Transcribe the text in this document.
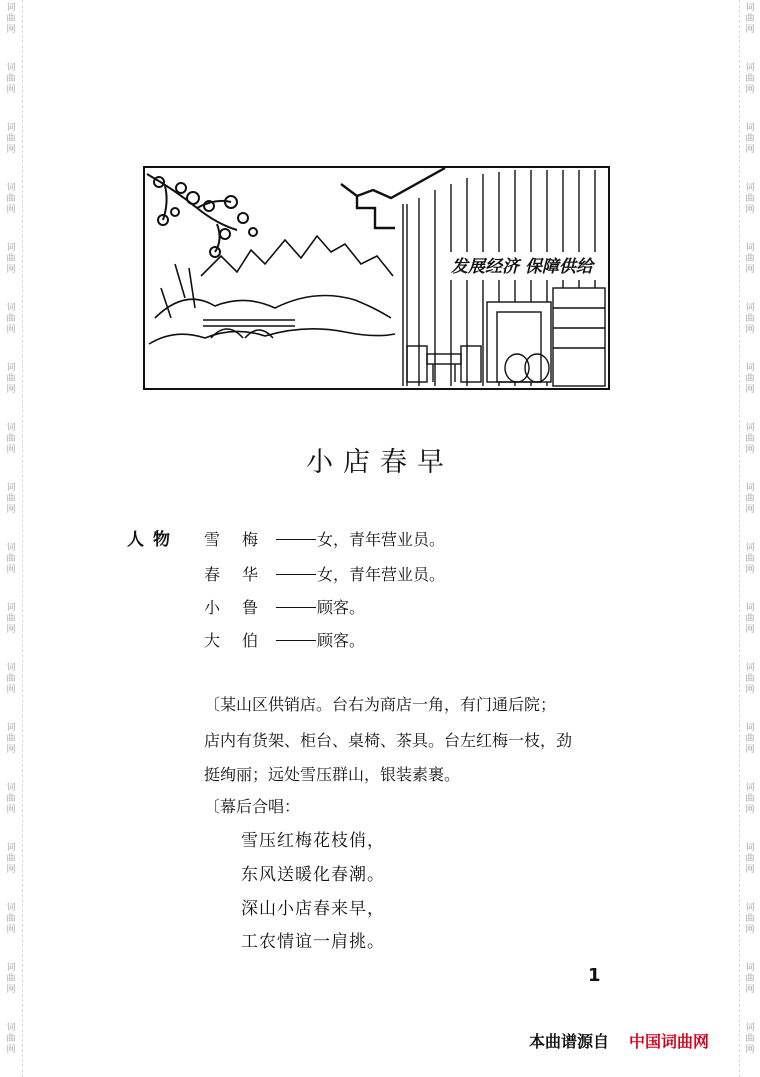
词
曲
网
词
曲
网
词
曲
网
词
曲
网
词
曲
网
词
曲
网
词
曲
网
词
曲
网
词
曲
网
词
曲
网
词
曲
网
词
曲
网
词
曲
网
词
曲
网
词
曲
网
词
曲
网
词
曲
网
词
曲
网
词
曲
网
词
曲
网
词
曲
网
词
曲
网
词
曲
网
词
曲
网
词
曲
网
词
曲
网
词
曲
网
词
曲
网
词
曲
网
词
曲
网
词
曲
网
词
曲
网
词
曲
网
词
曲
网
词
曲
网
词
曲
网
发展经济 保障供给
小店春早
人物 雪梅 女，青年营业员。
春华 女，青年营业员。
小鲁 顾客。
大伯 顾客。
〔某山区供销店。台右为商店一角，有门通后院；
店内有货架、柜台、桌椅、茶具。台左红梅一枝，劲
挺绚丽；远处雪压群山，银装素裹。
〔幕后合唱：
雪压红梅花枝俏，
东风送暖化春潮。
深山小店春来早，
工农情谊一肩挑。
1
本曲谱源自 中国词曲网
